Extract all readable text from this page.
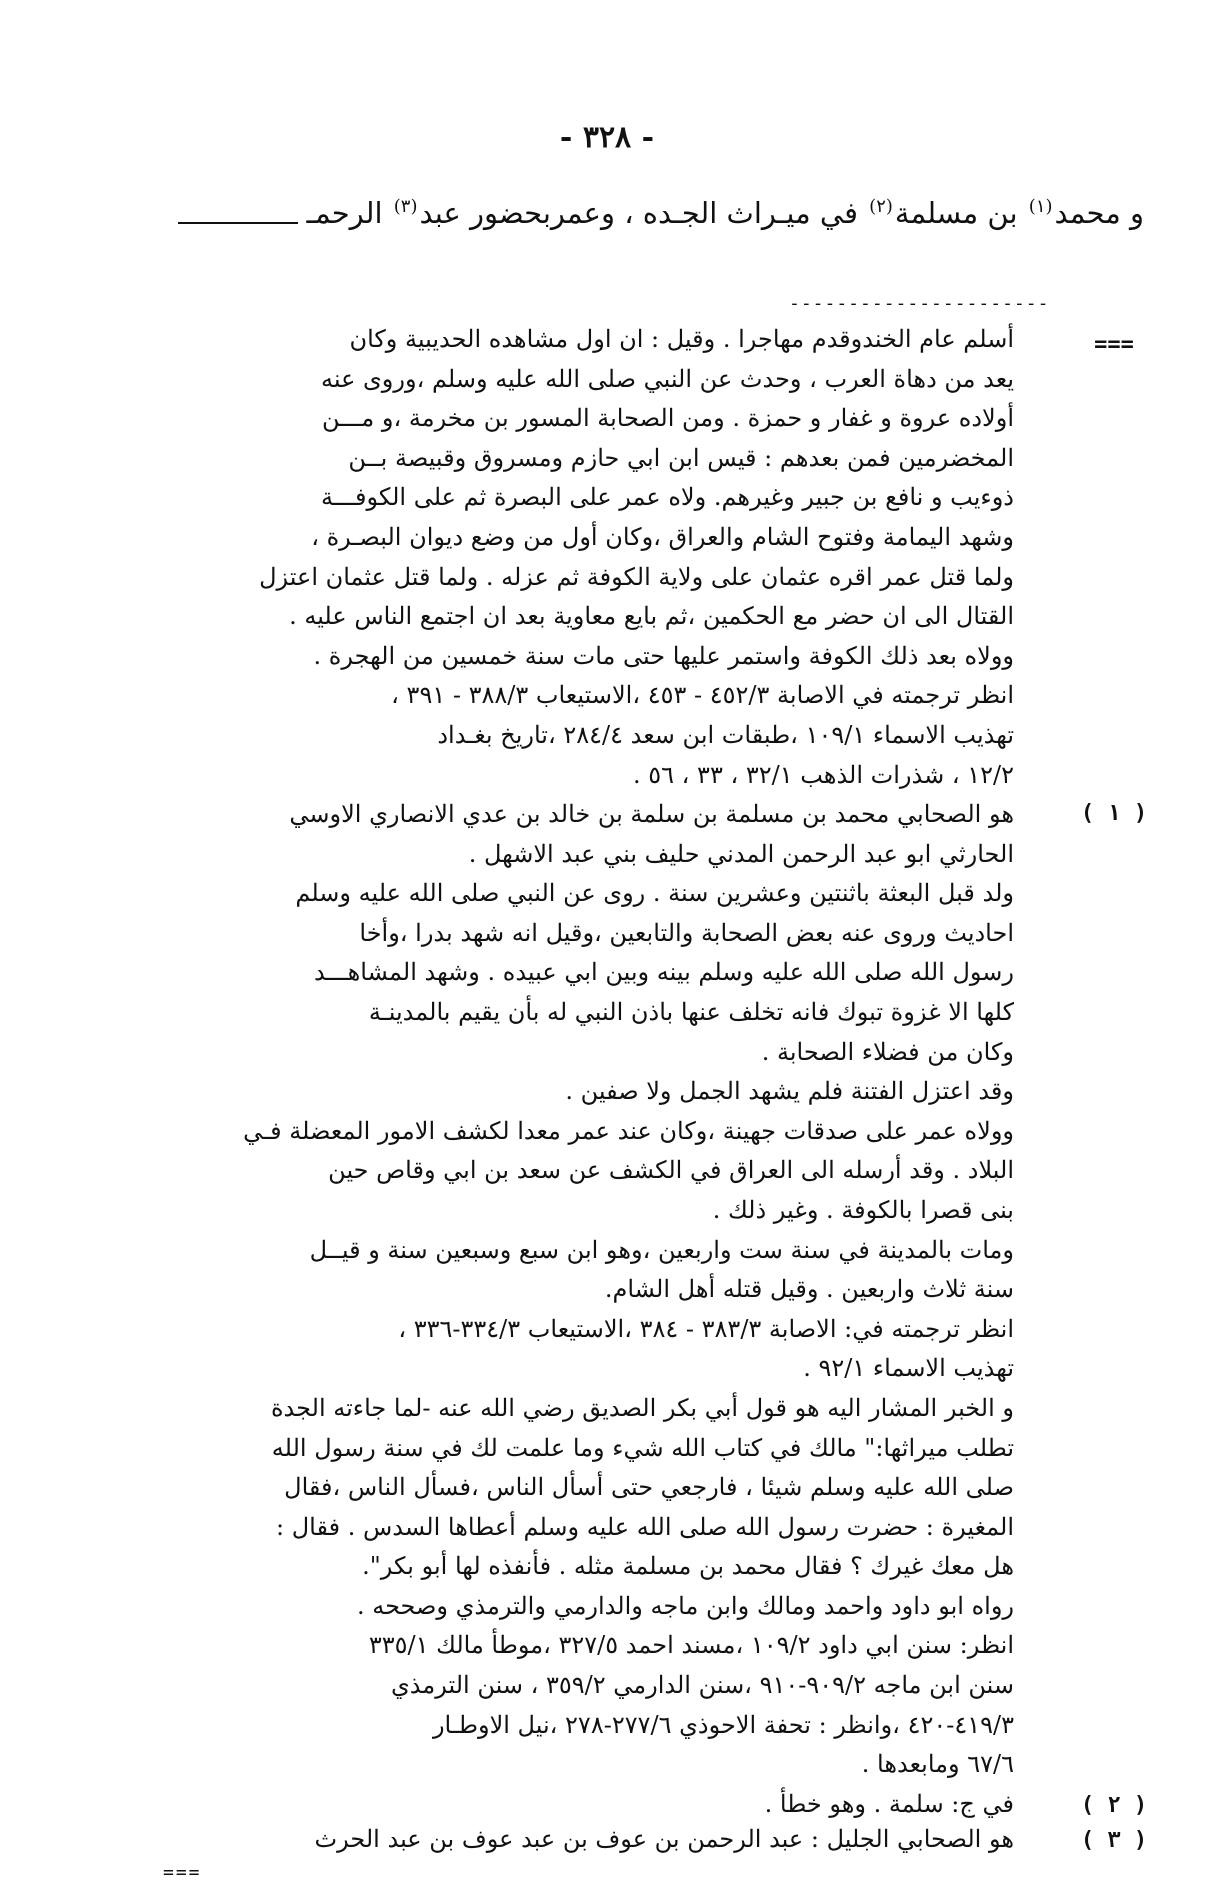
- ٣٢٨ -
و محمد$^{(١)}$ بن مسلمة$^{(٢)}$ في ميـراث الجـده ، وعمربحضور عبد$^{(٣)}$ الرحمـ
----------------------
===
أسلم عام الخندوقدم مهاجرا . وقيل : ان اول مشاهده الحديبية وكان
يعد من دهاة العرب ، وحدث عن النبي صلى الله عليه وسلم ،وروى عنه
أولاده عروة و غفار و حمزة . ومن الصحابة المسور بن مخرمة ،و مـــن
المخضرمين فمن بعدهم : قيس ابن ابي حازم ومسروق وقبيصة بــن
ذوءيب و نافع بن جبير وغيرهم. ولاه عمر على البصرة ثم على الكوفـــة
وشهد اليمامة وفتوح الشام والعراق ،وكان أول من وضع ديوان البصـرة ،
ولما قتل عمر اقره عثمان على ولاية الكوفة ثم عزله . ولما قتل عثمان اعتزل
القتال الى ان حضر مع الحكمين ،ثم بايع معاوية بعد ان اجتمع الناس عليه .
وولاه بعد ذلك الكوفة واستمر عليها حتى مات سنة خمسين من الهجرة .
انظر ترجمته في الاصابة ٤٥٢/٣ - ٤٥٣ ،الاستيعاب ٣٨٨/٣ - ٣٩١ ،
تهذيب الاسماء ١٠٩/١ ،طبقات ابن سعد ٢٨٤/٤ ،تاريخ بغـداد
١٢/٢ ، شذرات الذهب ٣٢/١ ، ٣٣ ، ٥٦ .
( ١ )
هو الصحابي محمد بن مسلمة بن سلمة بن خالد بن عدي الانصاري الاوسي
الحارثي ابو عبد الرحمن المدني حليف بني عبد الاشهل .
ولد قبل البعثة باثنتين وعشرين سنة . روى عن النبي صلى الله عليه وسلم
احاديث وروى عنه بعض الصحابة والتابعين ،وقيل انه شهد بدرا ،وأخا
رسول الله صلى الله عليه وسلم بينه وبين ابي عبيده . وشهد المشاهـــد
كلها الا غزوة تبوك فانه تخلف عنها باذن النبي له بأن يقيم بالمدينـة
وكان من فضلاء الصحابة .
وقد اعتزل الفتنة فلم يشهد الجمل ولا صفين .
وولاه عمر على صدقات جهينة ،وكان عند عمر معدا لكشف الامور المعضلة فـي
البلاد . وقد أرسله الى العراق في الكشف عن سعد بن ابي وقاص حين
بنى قصرا بالكوفة . وغير ذلك .
ومات بالمدينة في سنة ست واربعين ،وهو ابن سبع وسبعين سنة و قيــل
سنة ثلاث واربعين . وقيل قتله أهل الشام.
انظر ترجمته في: الاصابة ٣٨٣/٣ - ٣٨٤ ،الاستيعاب ٣٣٤/٣-٣٣٦ ،
تهذيب الاسماء ٩٢/١ .
و الخبر المشار اليه هو قول أبي بكر الصديق رضي الله عنه -لما جاءته الجدة
تطلب ميراثها:" مالك في كتاب الله شيء وما علمت لك في سنة رسول الله
صلى الله عليه وسلم شيئا ، فارجعي حتى أسأل الناس ،فسأل الناس ،فقال
المغيرة : حضرت رسول الله صلى الله عليه وسلم أعطاها السدس . فقال :
هل معك غيرك ؟ فقال محمد بن مسلمة مثله . فأنفذه لها أبو بكر".
رواه ابو داود واحمد ومالك وابن ماجه والدارمي والترمذي وصححه .
انظر: سنن ابي داود ١٠٩/٢ ،مسند احمد ٣٢٧/٥ ،موطأ مالك ٣٣٥/١
سنن ابن ماجه ٩٠٩/٢-٩١٠ ،سنن الدارمي ٣٥٩/٢ ، سنن الترمذي
٤١٩/٣-٤٢٠ ،وانظر : تحفة الاحوذي ٢٧٧/٦-٢٧٨ ،نيل الاوطـار
٦٧/٦ ومابعدها .
( ٢ )
في ج: سلمة . وهو خطأ .
( ٣ )
هو الصحابي الجليل : عبد الرحمن بن عوف بن عبد عوف بن عبد الحرث
===
